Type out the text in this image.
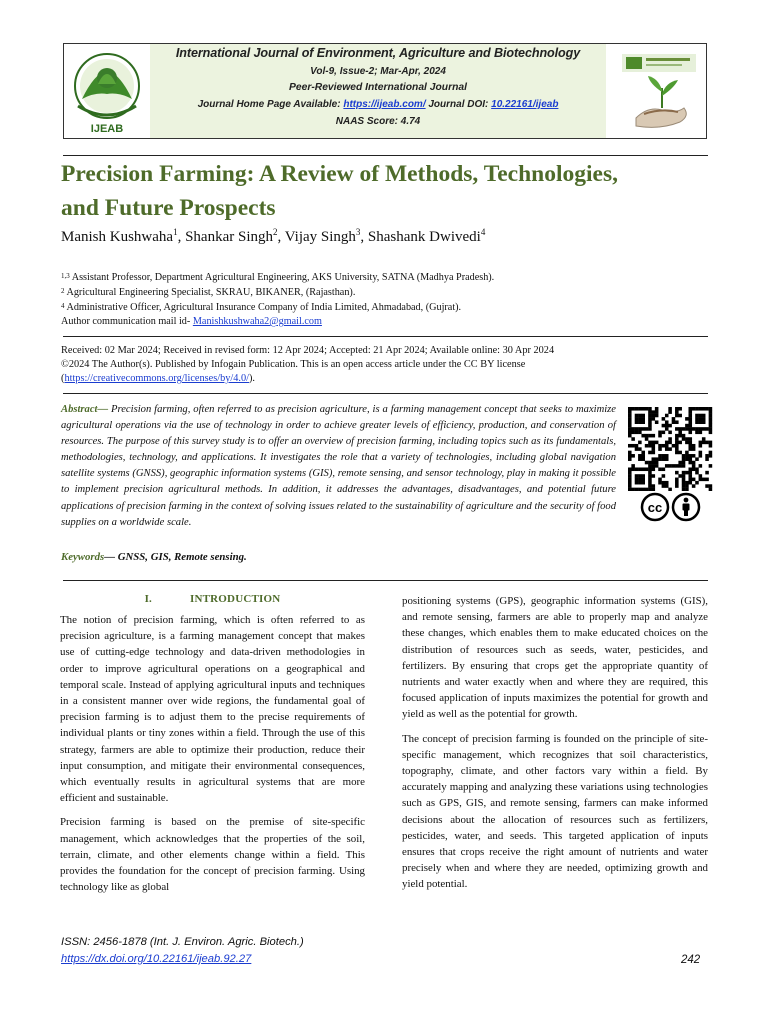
IJEAB
International Journal of Environment, Agriculture and Biotechnology
Vol-9, Issue-2; Mar-Apr, 2024
Peer-Reviewed International Journal
Journal Home Page Available: https://ijeab.com/ Journal DOI: 10.22161/ijeab
NAAS Score: 4.74
Precision Farming: A Review of Methods, Technologies,
and Future Prospects
Manish Kushwaha$^1$, Shankar Singh$^2$, Vijay Singh$^3$, Shashank Dwivedi$^4$
$^{1,3}$ Assistant Professor, Department Agricultural Engineering, AKS University, SATNA (Madhya Pradesh).
$^2$ Agricultural Engineering Specialist, SKRAU, BIKANER, (Rajasthan).
$^4$ Administrative Officer, Agricultural Insurance Company of India Limited, Ahmadabad, (Gujrat).
Author communication mail id- Manishkushwaha2@gmail.com
Received: 02 Mar 2024; Received in revised form: 12 Apr 2024; Accepted: 21 Apr 2024; Available online: 30 Apr 2024
©2024 The Author(s). Published by Infogain Publication. This is an open access article under the CC BY license
(https://creativecommons.org/licenses/by/4.0/).
Abstract— Precision farming, often referred to as precision agriculture, is a farming management concept that seeks to maximize agricultural operations via the use of technology in order to achieve greater levels of efficiency, production, and conservation of resources. The purpose of this survey study is to offer an overview of precision farming, including topics such as its fundamentals, methodologies, technology, and applications. It investigates the role that a variety of technologies, including global navigation satellite systems (GNSS), geographic information systems (GIS), remote sensing, and sensor technology, play in making it possible to implement precision agricultural methods. In addition, it addresses the advantages, disadvantages, and potential future applications of precision farming in the context of solving issues related to the sustainability of agriculture and the security of food supplies on a worldwide scale.
cc
Keywords— GNSS, GIS, Remote sensing.
I.	INTRODUCTION

The notion of precision farming, which is often referred to as precision agriculture, is a farming management concept that makes use of cutting-edge technology and data-driven methodologies in order to improve agricultural operations on a geographical and temporal scale. Instead of applying agricultural inputs and techniques in a consistent manner over wide regions, the fundamental goal of precision farming is to adjust them to the precise requirements of individual plants or tiny zones within a field. Through the use of this strategy, farmers are able to optimize their production, reduce their input consumption, and mitigate their environmental consequences, which eventually results in agricultural systems that are more efficient and sustainable.

Precision farming is based on the premise of site-specific management, which acknowledges that the properties of the soil, terrain, climate, and other elements change within a field. This provides the foundation for the concept of precision farming. Using technology like as global

positioning systems (GPS), geographic information systems (GIS), and remote sensing, farmers are able to properly map and analyze these changes, which enables them to make educated choices on the distribution of resources such as seeds, water, pesticides, and fertilizers. By ensuring that crops get the appropriate quantity of nutrients and water exactly when and where they are required, this focused application of inputs maximizes the potential for growth and yield as well as the potential for growth.

The concept of precision farming is founded on the principle of site-specific management, which recognizes that soil characteristics, topography, climate, and other factors vary within a field. By accurately mapping and analyzing these variations using technologies such as GPS, GIS, and remote sensing, farmers can make informed decisions about the allocation of resources such as fertilizers, pesticides, water, and seeds. This targeted application of inputs ensures that crops receive the right amount of nutrients and water precisely when and where they are needed, optimizing growth and yield potential.

ISSN: 2456-1878 (Int. J. Environ. Agric. Biotech.)
https://dx.doi.org/10.22161/ijeab.92.27	242
